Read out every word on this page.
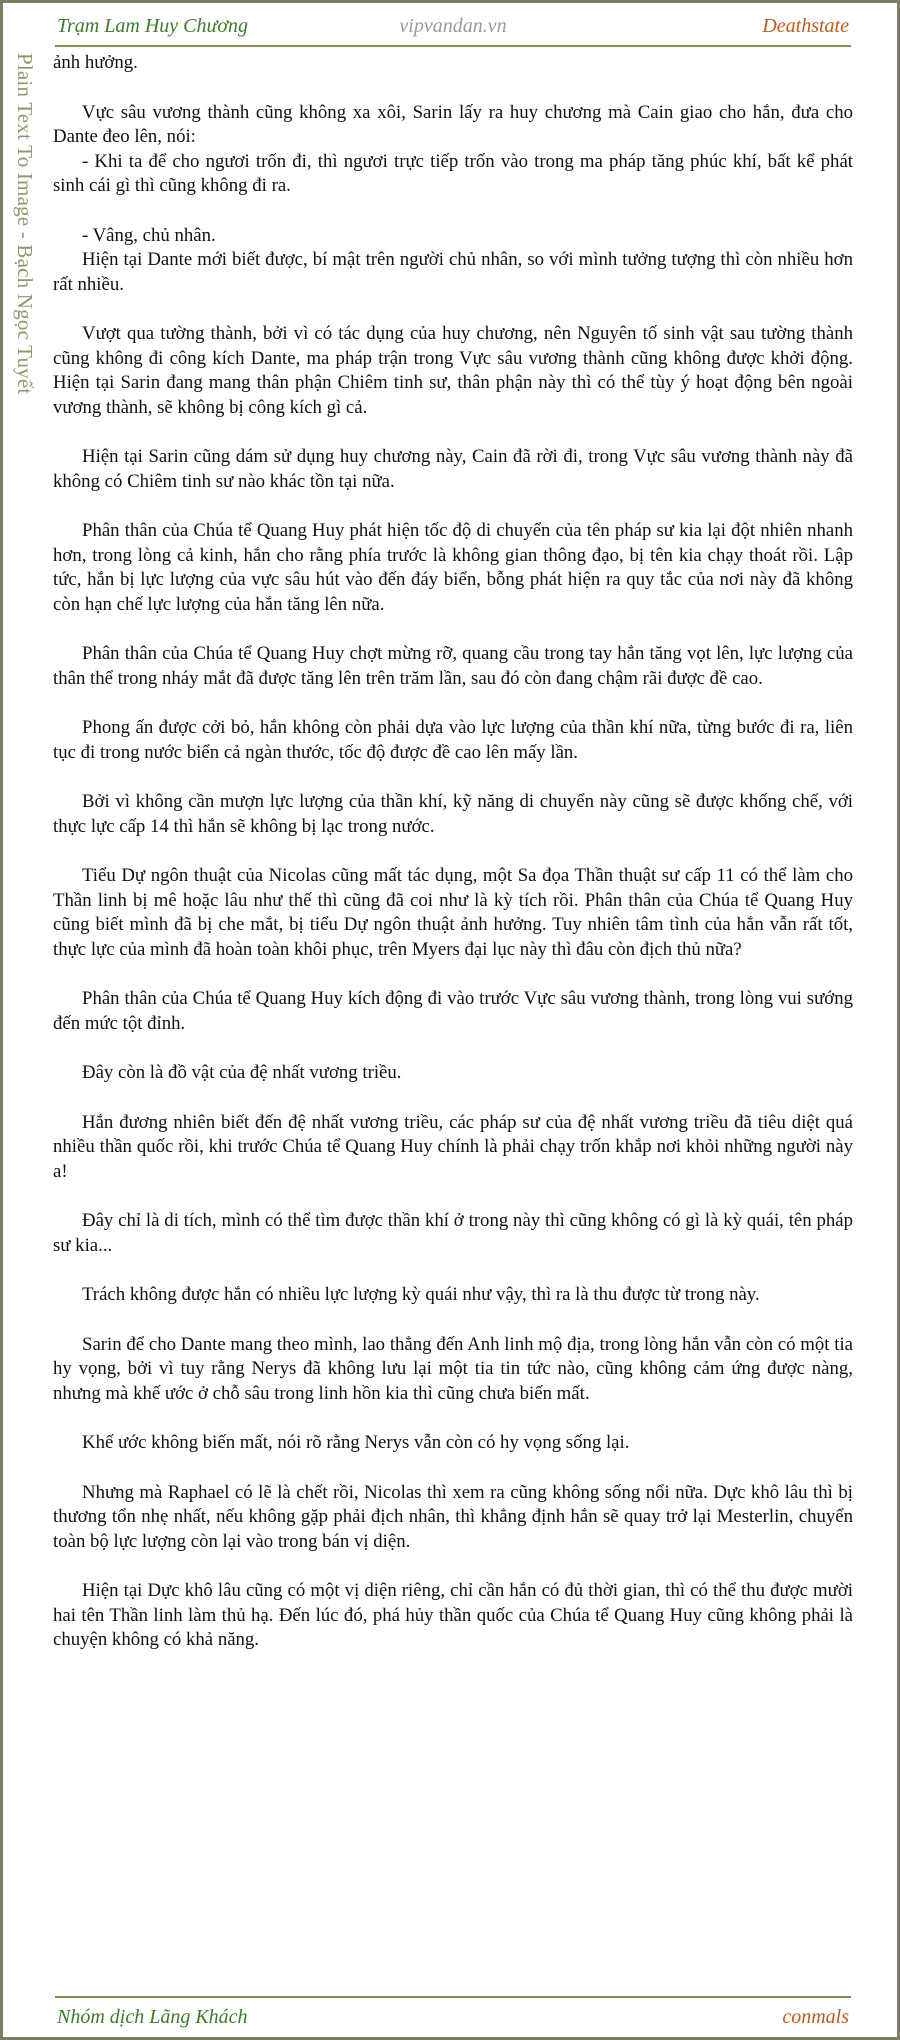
Trạm Lam Huy Chương	vipvandan.vn	Deathstate
Plain Text To Image - Bạch Ngọc Tuyết ảnh hưởng.

Vực sâu vương thành cũng không xa xôi, Sarin lấy ra huy chương mà Cain giao cho hắn, đưa cho Dante đeo lên, nói:

- Khi ta để cho ngươi trốn đi, thì ngươi trực tiếp trốn vào trong ma pháp tăng phúc khí, bất kể phát sinh cái gì thì cũng không đi ra.

- Vâng, chủ nhân.

Hiện tại Dante mới biết được, bí mật trên người chủ nhân, so với mình tưởng tượng thì còn nhiều hơn rất nhiều.

Vượt qua tường thành, bởi vì có tác dụng của huy chương, nên Nguyên tố sinh vật sau tường thành cũng không đi công kích Dante, ma pháp trận trong Vực sâu vương thành cũng không được khởi động. Hiện tại Sarin đang mang thân phận Chiêm tinh sư, thân phận này thì có thể tùy ý hoạt động bên ngoài vương thành, sẽ không bị công kích gì cả.

Hiện tại Sarin cũng dám sử dụng huy chương này, Cain đã rời đi, trong Vực sâu vương thành này đã không có Chiêm tinh sư nào khác tồn tại nữa.

Phân thân của Chúa tể Quang Huy phát hiện tốc độ di chuyển của tên pháp sư kia lại đột nhiên nhanh hơn, trong lòng cả kinh, hắn cho rằng phía trước là không gian thông đạo, bị tên kia chạy thoát rồi. Lập tức, hắn bị lực lượng của vực sâu hút vào đến đáy biển, bỗng phát hiện ra quy tắc của nơi này đã không còn hạn chế lực lượng của hắn tăng lên nữa.

Phân thân của Chúa tể Quang Huy chợt mừng rỡ, quang cầu trong tay hắn tăng vọt lên, lực lượng của thân thể trong nháy mắt đã được tăng lên trên trăm lần, sau đó còn đang chậm rãi được đề cao.

Phong ấn được cởi bỏ, hắn không còn phải dựa vào lực lượng của thần khí nữa, từng bước đi ra, liên tục đi trong nước biển cả ngàn thước, tốc độ được đề cao lên mấy lần.

Bởi vì không cần mượn lực lượng của thần khí, kỹ năng di chuyển này cũng sẽ được khống chế, với thực lực cấp 14 thì hắn sẽ không bị lạc trong nước.

Tiểu Dự ngôn thuật của Nicolas cũng mất tác dụng, một Sa đọa Thần thuật sư cấp 11 có thể làm cho Thần linh bị mê hoặc lâu như thế thì cũng đã coi như là kỳ tích rồi. Phân thân của Chúa tể Quang Huy cũng biết mình đã bị che mắt, bị tiểu Dự ngôn thuật ảnh hưởng. Tuy nhiên tâm tình của hắn vẫn rất tốt, thực lực của mình đã hoàn toàn khôi phục, trên Myers đại lục này thì đâu còn địch thủ nữa?

Phân thân của Chúa tể Quang Huy kích động đi vào trước Vực sâu vương thành, trong lòng vui sướng đến mức tột đỉnh.

Đây còn là đồ vật của đệ nhất vương triều.

Hắn đương nhiên biết đến đệ nhất vương triều, các pháp sư của đệ nhất vương triều đã tiêu diệt quá nhiều thần quốc rồi, khi trước Chúa tể Quang Huy chính là phải chạy trốn khắp nơi khỏi những người này a!

Đây chỉ là di tích, mình có thể tìm được thần khí ở trong này thì cũng không có gì là kỳ quái, tên pháp sư kia...

Trách không được hắn có nhiều lực lượng kỳ quái như vậy, thì ra là thu được từ trong này.

Sarin để cho Dante mang theo mình, lao thẳng đến Anh linh mộ địa, trong lòng hắn vẫn còn có một tia hy vọng, bởi vì tuy rằng Nerys đã không lưu lại một tia tin tức nào, cũng không cảm ứng được nàng, nhưng mà khế ước ở chỗ sâu trong linh hồn kia thì cũng chưa biến mất.

Khế ước không biến mất, nói rõ rằng Nerys vẫn còn có hy vọng sống lại.

Nhưng mà Raphael có lẽ là chết rồi, Nicolas thì xem ra cũng không sống nổi nữa. Dực khô lâu thì bị thương tổn nhẹ nhất, nếu không gặp phải địch nhân, thì khẳng định hắn sẽ quay trở lại Mesterlin, chuyển toàn bộ lực lượng còn lại vào trong bán vị diện.

Hiện tại Dực khô lâu cũng có một vị diện riêng, chỉ cần hắn có đủ thời gian, thì có thể thu được mười hai tên Thần linh làm thủ hạ. Đến lúc đó, phá hủy thần quốc của Chúa tể Quang Huy cũng không phải là chuyện không có khả năng.

Nhóm dịch Lãng Khách	conmals
